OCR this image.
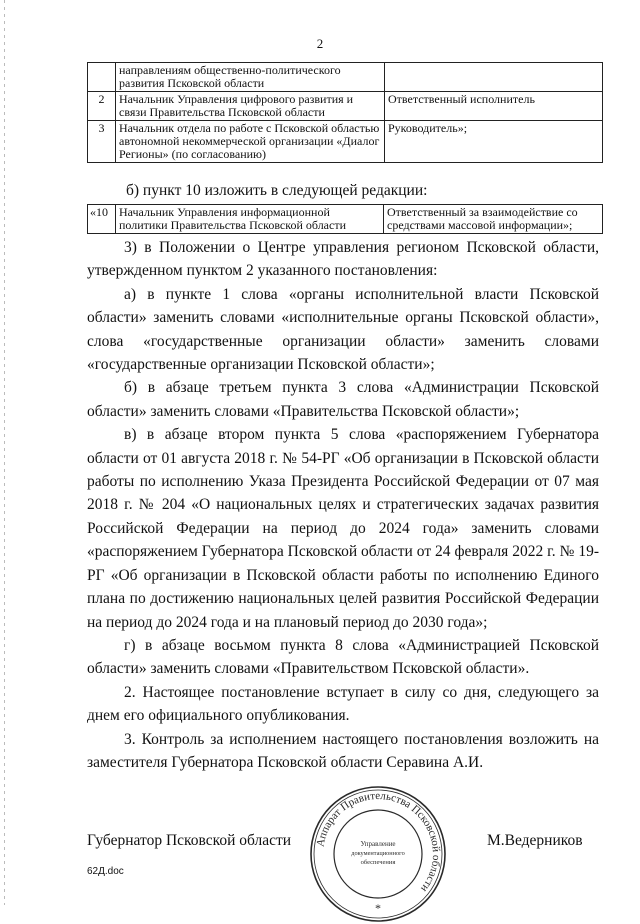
2
	направлениям общественно-политического развития Псковской области	
2	Начальник Управления цифрового развития и связи Правительства Псковской области	Ответственный исполнитель
3	Начальник отдела по работе с Псковской областью автономной некоммерческой организации «Диалог Регионы» (по согласованию)	Руководитель»;
б) пункт 10 изложить в следующей редакции:
«10	Начальник Управления информационной политики Правительства Псковской области	Ответственный за взаимодействие со средствами массовой информации»;

3) в Положении о Центре управления регионом Псковской области, утвержденном пунктом 2 указанного постановления:

а) в пункте 1 слова «органы исполнительной власти Псковской области» заменить словами «исполнительные органы Псковской области», слова «государственные организации области» заменить словами «государственные организации Псковской области»;

б) в абзаце третьем пункта 3 слова «Администрации Псковской области» заменить словами «Правительства Псковской области»;

в) в абзаце втором пункта 5 слова «распоряжением Губернатора области от 01 августа 2018 г. № 54-РГ «Об организации в Псковской области работы по исполнению Указа Президента Российской Федерации от 07 мая 2018 г. № 204 «О национальных целях и стратегических задачах развития Российской Федерации на период до 2024 года» заменить словами «распоряжением Губернатора Псковской области от 24 февраля 2022 г. № 19-РГ «Об организации в Псковской области работы по исполнению Единого плана по достижению национальных целей развития Российской Федерации на период до 2024 года и на плановый период до 2030 года»;

г) в абзаце восьмом пункта 8 слова «Администрацией Псковской области» заменить словами «Правительством Псковской области».

2. Настоящее постановление вступает в силу со дня, следующего за днем его официального опубликования.

3. Контроль за исполнением настоящего постановления возложить на заместителя Губернатора Псковской области Серавина А.И.

Губернатор Псковской области	М.Ведерников
Аппарат Правительства Псковской области
Управление
документационного
обеспечения
*
62Д.doc
